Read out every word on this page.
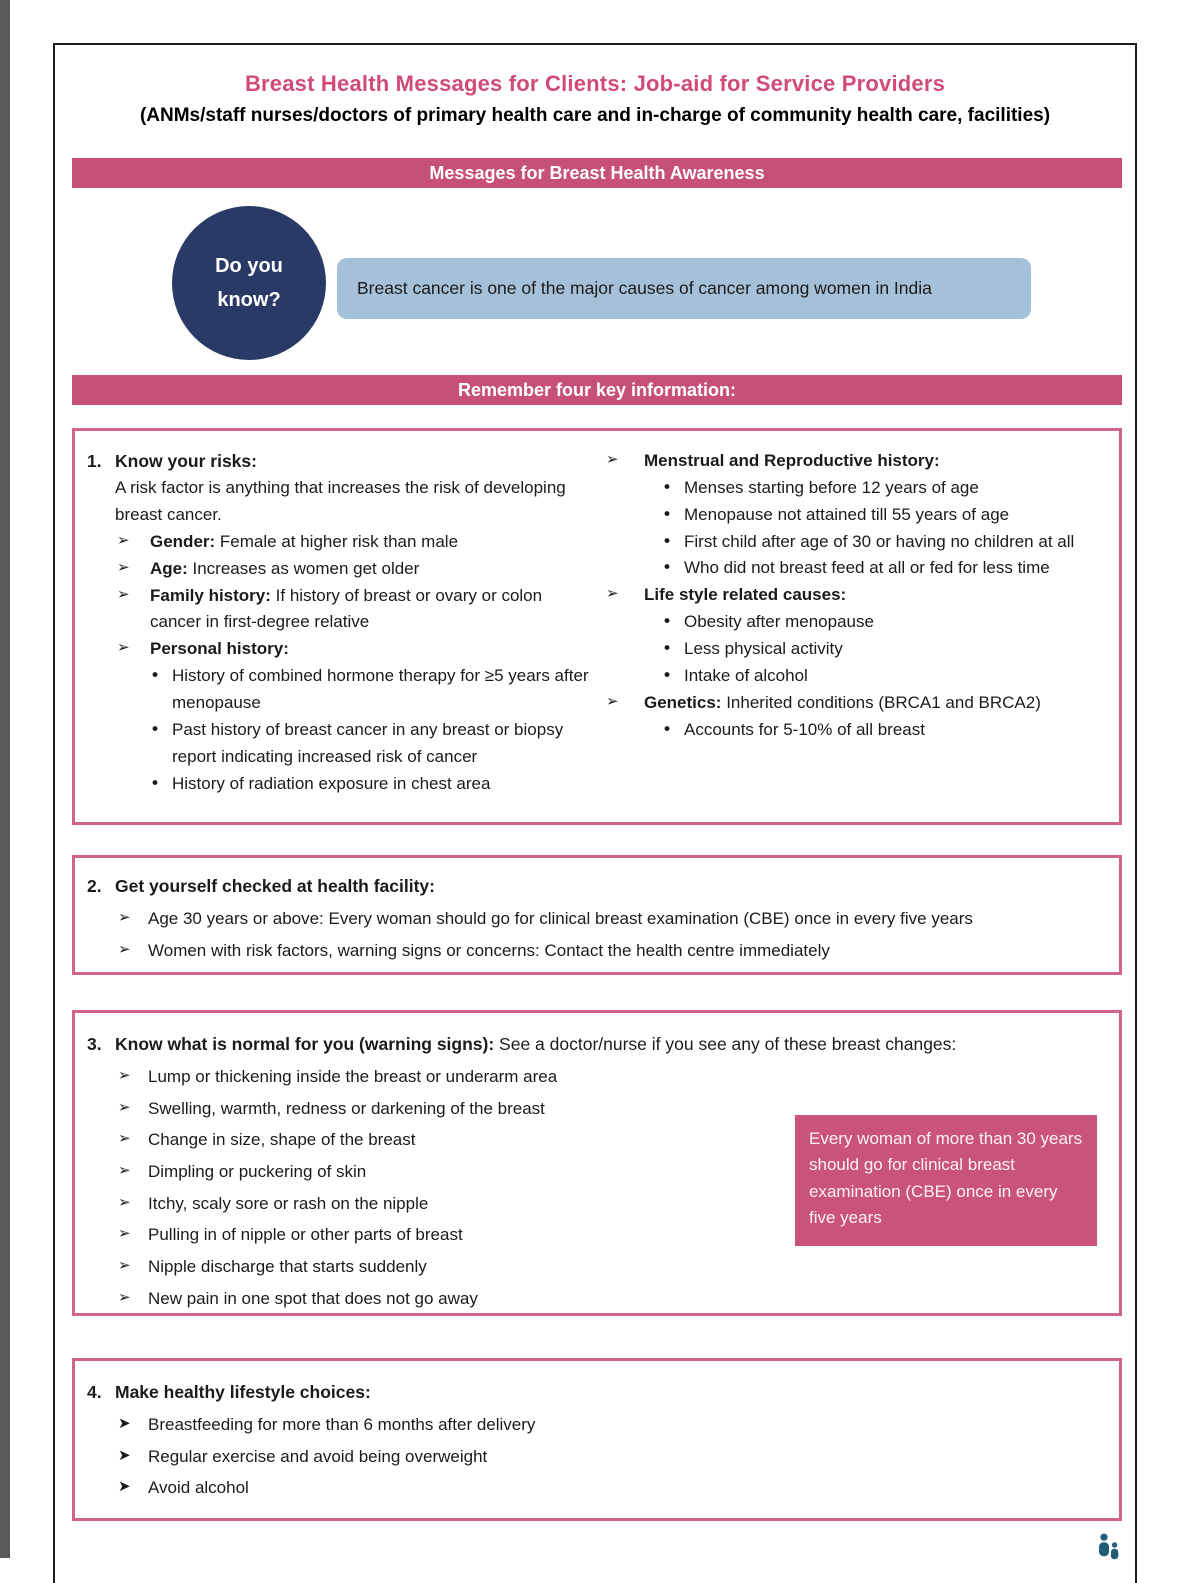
Breast Health Messages for Clients: Job-aid for Service Providers
(ANMs/staff nurses/doctors of primary health care and in-charge of community health care, facilities)
Messages for Breast Health Awareness
Do you
know?
Breast cancer is one of the major causes of cancer among women in India
Remember four key information:
1. Know your risks:
A risk factor is anything that increases the risk of developing breast cancer.
➢	Gender: Female at higher risk than male
➢	Age: Increases as women get older
➢	Family history: If history of breast or ovary or colon cancer in first-degree relative
➢	Personal history:
• History of combined hormone therapy for ≥5 years after menopause
• Past history of breast cancer in any breast or biopsy report indicating increased risk of cancer
• History of radiation exposure in chest area
➢	Menstrual and Reproductive history:
• Menses starting before 12 years of age
• Menopause not attained till 55 years of age
• First child after age of 30 or having no children at all
• Who did not breast feed at all or fed for less time
➢	Life style related causes:
• Obesity after menopause
• Less physical activity
• Intake of alcohol
➢	Genetics: Inherited conditions (BRCA1 and BRCA2)
• Accounts for 5-10% of all breast
2. Get yourself checked at health facility:
➢	Age 30 years or above: Every woman should go for clinical breast examination (CBE) once in every five years
➢	Women with risk factors, warning signs or concerns: Contact the health centre immediately
3. Know what is normal for you (warning signs): See a doctor/nurse if you see any of these breast changes:
➢	Lump or thickening inside the breast or underarm area
➢	Swelling, warmth, redness or darkening of the breast
➢	Change in size, shape of the breast
➢	Dimpling or puckering of skin
➢	Itchy, scaly sore or rash on the nipple
➢	Pulling in of nipple or other parts of breast
➢	Nipple discharge that starts suddenly
➢	New pain in one spot that does not go away
Every woman of more than 30 years should go for clinical breast examination (CBE) once in every five years
4. Make healthy lifestyle choices:
➤	Breastfeeding for more than 6 months after delivery
➤	Regular exercise and avoid being overweight
➤	Avoid alcohol
